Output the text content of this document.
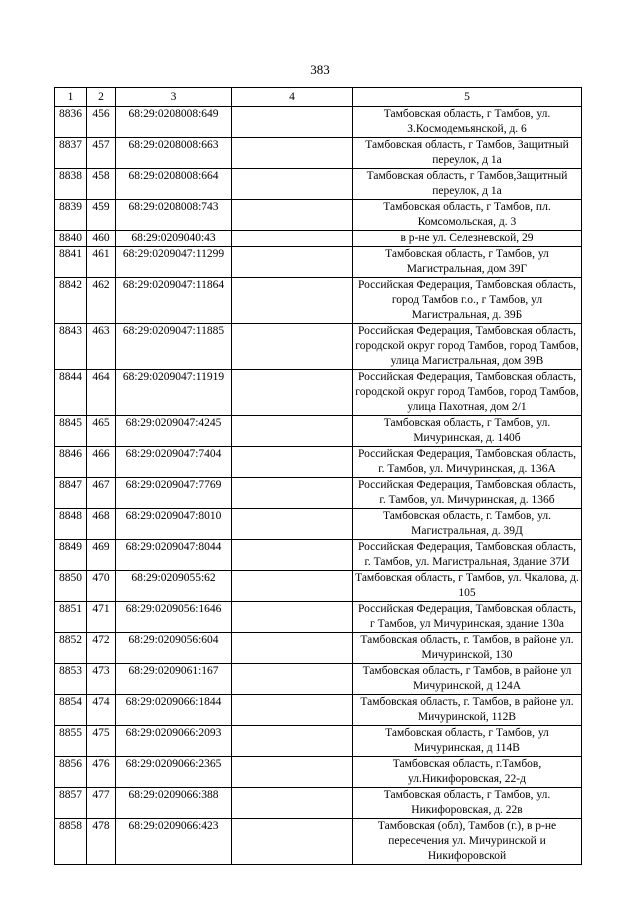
383
1	2	3	4	5
8836	456	68:29:0208008:649		Тамбовская область, г Тамбов, ул. З.Космодемьянской, д. 6
8837	457	68:29:0208008:663		Тамбовская область, г Тамбов, Защитный переулок, д 1а
8838	458	68:29:0208008:664		Тамбовская область, г Тамбов,Защитный переулок, д 1а
8839	459	68:29:0208008:743		Тамбовская область, г Тамбов, пл. Комсомольская, д. 3
8840	460	68:29:0209040:43		в р-не ул. Селезневской, 29
8841	461	68:29:0209047:11299		Тамбовская область, г Тамбов, ул Магистральная, дом 39Г
8842	462	68:29:0209047:11864		Российская Федерация, Тамбовская область, город Тамбов г.о., г Тамбов, ул Магистральная, д. 39Б
8843	463	68:29:0209047:11885		Российская Федерация, Тамбовская область, городской округ город Тамбов, город Тамбов, улица Магистральная, дом 39В
8844	464	68:29:0209047:11919		Российская Федерация, Тамбовская область, городской округ город Тамбов, город Тамбов, улица Пахотная, дом 2/1
8845	465	68:29:0209047:4245		Тамбовская область, г Тамбов, ул. Мичуринская, д. 140б
8846	466	68:29:0209047:7404		Российская Федерация, Тамбовская область, г. Тамбов, ул. Мичуринская, д. 136А
8847	467	68:29:0209047:7769		Российская Федерация, Тамбовская область, г. Тамбов, ул. Мичуринская, д. 136б
8848	468	68:29:0209047:8010		Тамбовская область, г. Тамбов, ул. Магистральная, д. 39Д
8849	469	68:29:0209047:8044		Российская Федерация, Тамбовская область, г. Тамбов, ул. Магистральная, Здание 37И
8850	470	68:29:0209055:62		Тамбовская область, г Тамбов, ул. Чкалова, д. 105
8851	471	68:29:0209056:1646		Российская Федерация, Тамбовская область, г Тамбов, ул Мичуринская, здание 130а
8852	472	68:29:0209056:604		Тамбовская область, г. Тамбов, в районе ул. Мичуринской, 130
8853	473	68:29:0209061:167		Тамбовская область, г Тамбов, в районе ул Мичуринской, д 124А
8854	474	68:29:0209066:1844		Тамбовская область, г. Тамбов, в районе ул. Мичуринской, 112В
8855	475	68:29:0209066:2093		Тамбовская область, г Тамбов, ул Мичуринская, д 114В
8856	476	68:29:0209066:2365		Тамбовская область, г.Тамбов, ул.Никифоровская, 22-д
8857	477	68:29:0209066:388		Тамбовская область, г Тамбов, ул. Никифоровская, д. 22в
8858	478	68:29:0209066:423		Тамбовская (обл), Тамбов (г.), в р-не пересечения ул. Мичуринской и Никифоровской
